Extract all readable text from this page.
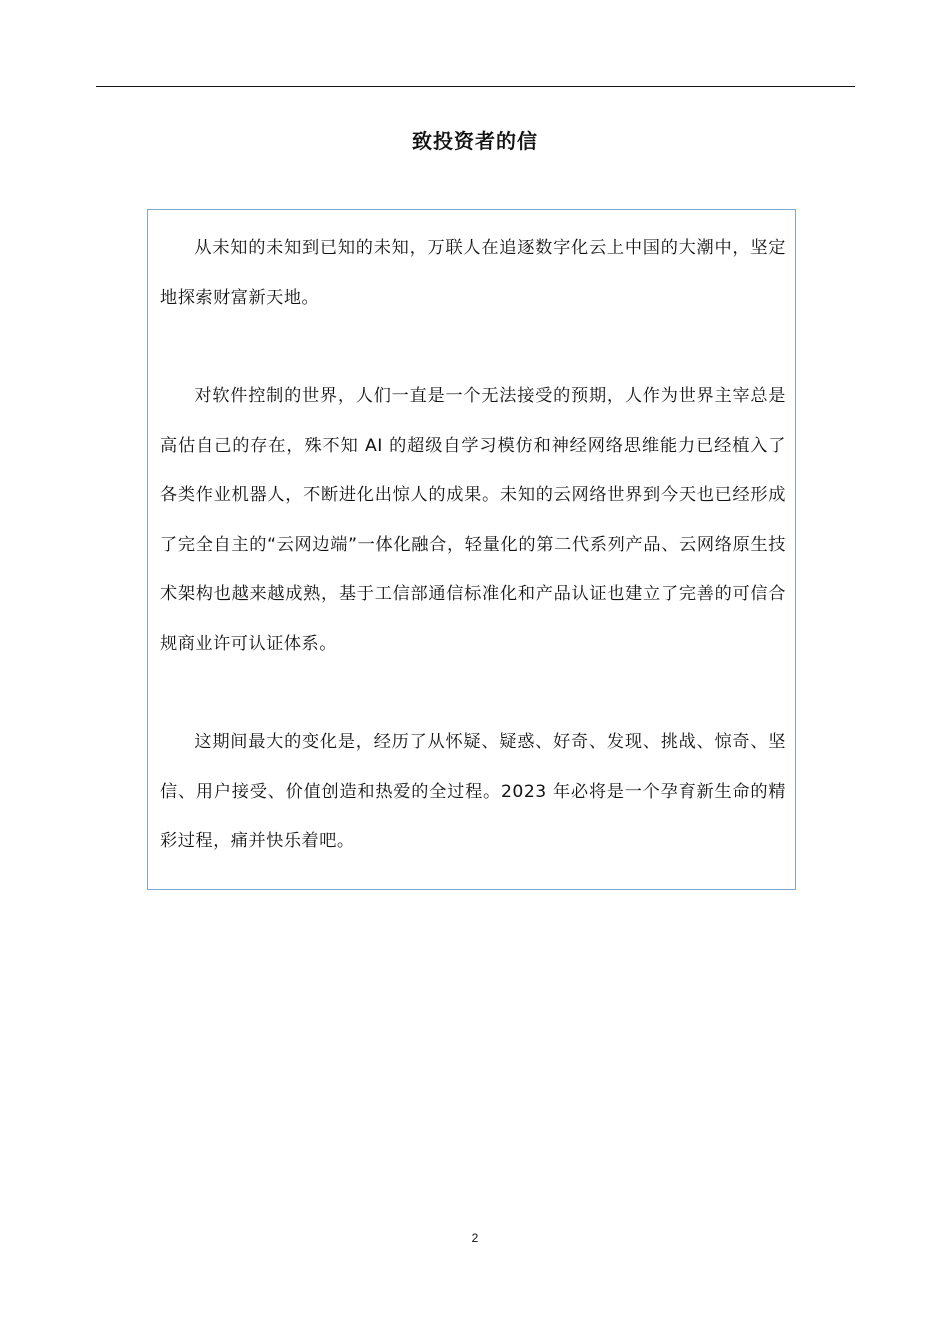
致投资者的信

从未知的未知到已知的未知，万联人在追逐数字化云上中国的大潮中，坚定地探索财富新天地。

对软件控制的世界，人们一直是一个无法接受的预期，人作为世界主宰总是高估自己的存在，殊不知 AI 的超级自学习模仿和神经网络思维能力已经植入了各类作业机器人，不断进化出惊人的成果。未知的云网络世界到今天也已经形成了完全自主的“云网边端”一体化融合，轻量化的第二代系列产品、云网络原生技术架构也越来越成熟，基于工信部通信标准化和产品认证也建立了完善的可信合规商业许可认证体系。

这期间最大的变化是，经历了从怀疑、疑惑、好奇、发现、挑战、惊奇、坚信、用户接受、价值创造和热爱的全过程。2023 年必将是一个孕育新生命的精彩过程，痛并快乐着吧。

2
